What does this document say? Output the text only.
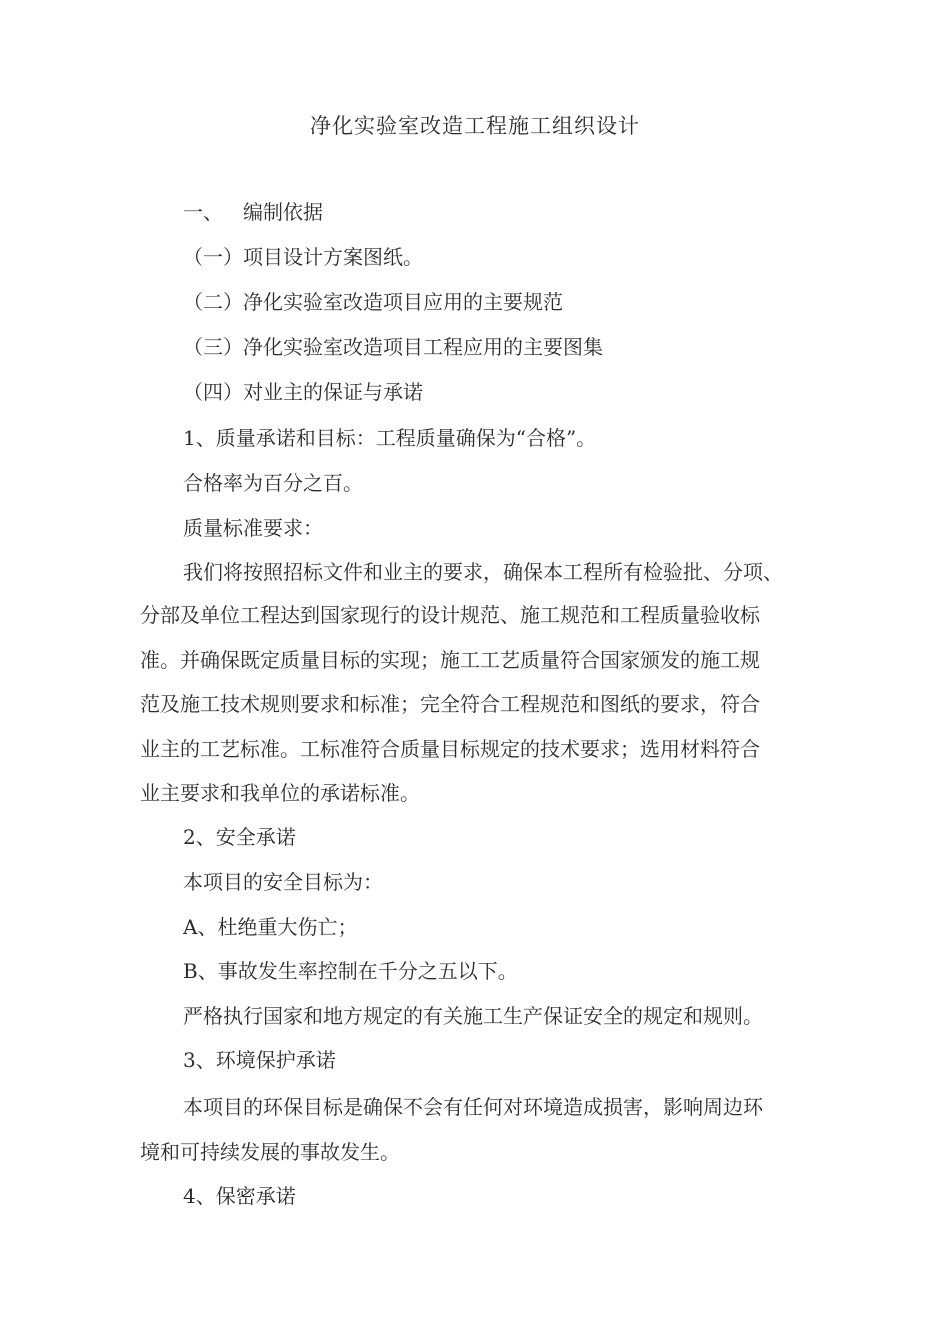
净化实验室改造工程施工组织设计

一、 编制依据

（一）项目设计方案图纸。

（二）净化实验室改造项目应用的主要规范

（三）净化实验室改造项目工程应用的主要图集

（四）对业主的保证与承诺

1、质量承诺和目标：工程质量确保为“合格”。

合格率为百分之百。

质量标准要求：

我们将按照招标文件和业主的要求，确保本工程所有检验批、分项、

分部及单位工程达到国家现行的设计规范、施工规范和工程质量验收标

准。并确保既定质量目标的实现；施工工艺质量符合国家颁发的施工规

范及施工技术规则要求和标准；完全符合工程规范和图纸的要求，符合

业主的工艺标准。工标准符合质量目标规定的技术要求；选用材料符合

业主要求和我单位的承诺标准。

2、安全承诺

本项目的安全目标为：

A、杜绝重大伤亡；

B、事故发生率控制在千分之五以下。

严格执行国家和地方规定的有关施工生产保证安全的规定和规则。

3、环境保护承诺

本项目的环保目标是确保不会有任何对环境造成损害，影响周边环

境和可持续发展的事故发生。

4、保密承诺
